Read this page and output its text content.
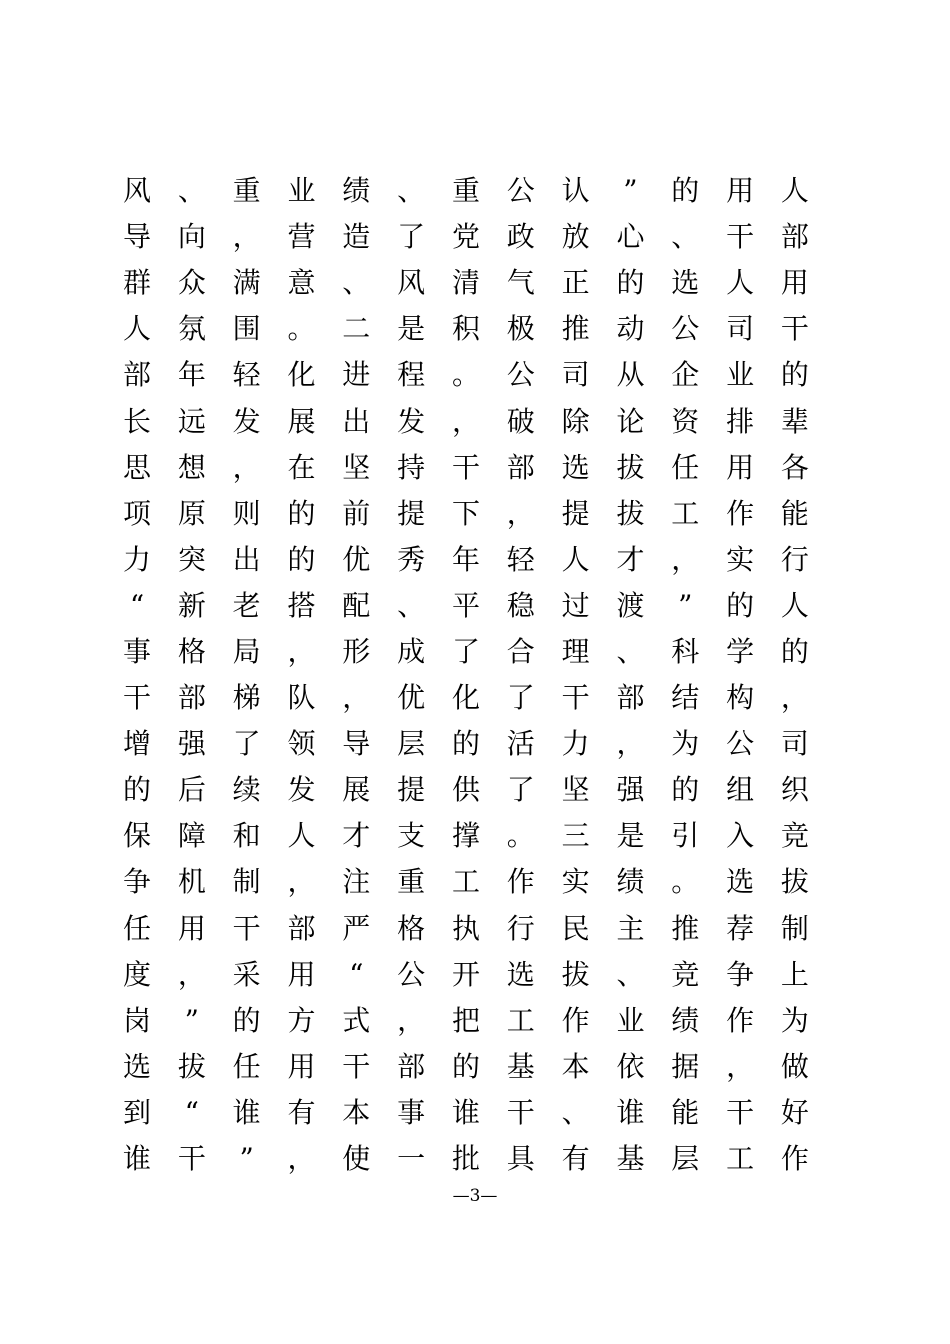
风 、 重 业 绩 、 重 公 认	”	的 用 人
导 向 ， 营 造 了 党 政 放 心 、 干 部
群 众 满 意 、 风 清 气 正 的 选 人 用
人 氛 围 。 二 是 积 极 推 动 公 司 干
部 年 轻 化 进 程 。 公 司 从 企 业 的
长 远 发 展 出 发 ， 破 除 论 资 排 辈
思 想 ， 在 坚 持 干 部 选 拔 任 用 各
项 原 则 的 前 提 下 ， 提 拔 工 作 能
力 突 出 的 优 秀 年 轻 人 才 ， 实 行
“	新 老 搭 配 、 平 稳 过 渡	”	的 人
事 格 局 ， 形 成 了 合 理 、 科 学 的
干 部 梯 队 ， 优 化 了 干 部 结 构 ，
增 强 了 领 导 层 的 活 力 ， 为 公 司
的 后 续 发 展 提 供 了 坚 强 的 组 织
保 障 和 人 才 支 撑 。 三 是 引 入 竞
争 机 制 ， 注 重 工 作 实 绩 。 选 拔
任 用 干 部 严 格 执 行 民 主 推 荐 制
度 ， 采 用	“	公 开 选 拔 、 竞 争 上
岗	”	的 方 式 ， 把 工 作 业 绩 作 为
选 拔 任 用 干 部 的 基 本 依 据 ， 做
到	“	谁 有 本 事 谁 干 、 谁 能 干 好
谁 干	”	， 使 一 批 具 有 基 层 工 作
—3—
